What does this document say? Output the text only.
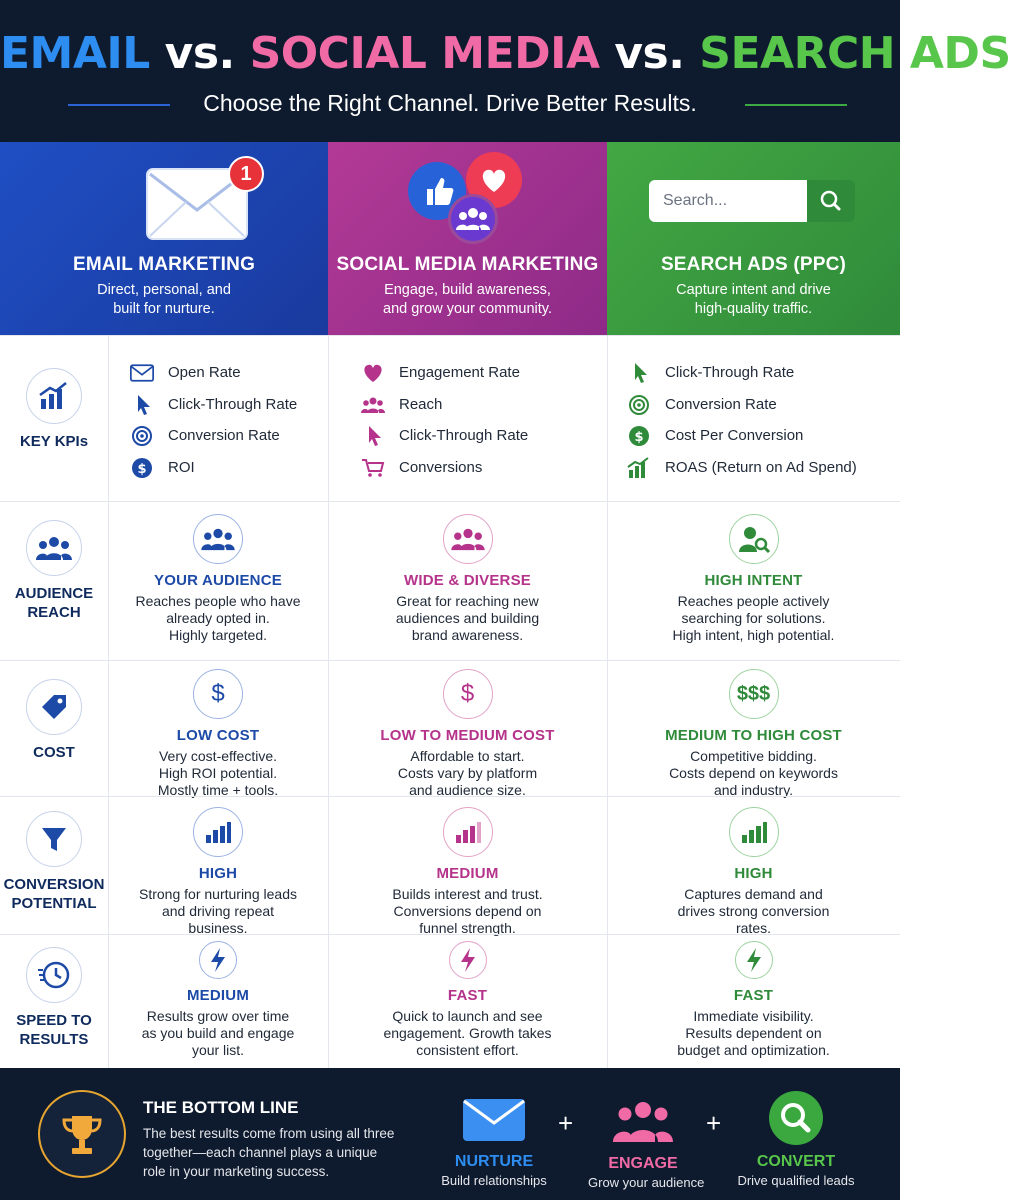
EMAIL vs. SOCIAL MEDIA vs. SEARCH ADS
Choose the Right Channel. Drive Better Results.
EMAIL MARKETING
Direct, personal, and
built for nurture.
1
SOCIAL MEDIA MARKETING
Engage, build awareness,
and grow your community.
Search...
SEARCH ADS (PPC)
Capture intent and drive
high-quality traffic.
KEY KPIs
Open Rate
Click-Through Rate
Conversion Rate
$ ROI
Engagement Rate
Reach
Click-Through Rate
Conversions
Click-Through Rate
Conversion Rate
$ Cost Per Conversion
ROAS (Return on Ad Spend)
AUDIENCE
REACH
YOUR AUDIENCE
Reaches people who have
already opted in.
Highly targeted.
WIDE & DIVERSE
Great for reaching new
audiences and building
brand awareness.
HIGH INTENT
Reaches people actively
searching for solutions.
High intent, high potential.
COST
$
LOW COST
Very cost-effective.
High ROI potential.
Mostly time + tools.
$
LOW TO MEDIUM COST
Affordable to start.
Costs vary by platform
and audience size.
$$$
MEDIUM TO HIGH COST
Competitive bidding.
Costs depend on keywords
and industry.
CONVERSION
POTENTIAL
HIGH
Strong for nurturing leads
and driving repeat
business.
MEDIUM
Builds interest and trust.
Conversions depend on
funnel strength.
HIGH
Captures demand and
drives strong conversion
rates.
SPEED TO
RESULTS
MEDIUM
Results grow over time
as you build and engage
your list.
FAST
Quick to launch and see
engagement. Growth takes
consistent effort.
FAST
Immediate visibility.
Results dependent on
budget and optimization.
THE BOTTOM LINE
The best results come from using all three
together—each channel plays a unique
role in your marketing success.
NURTURE
Build relationships
+
ENGAGE
Grow your audience
+
CONVERT
Drive qualified leads
